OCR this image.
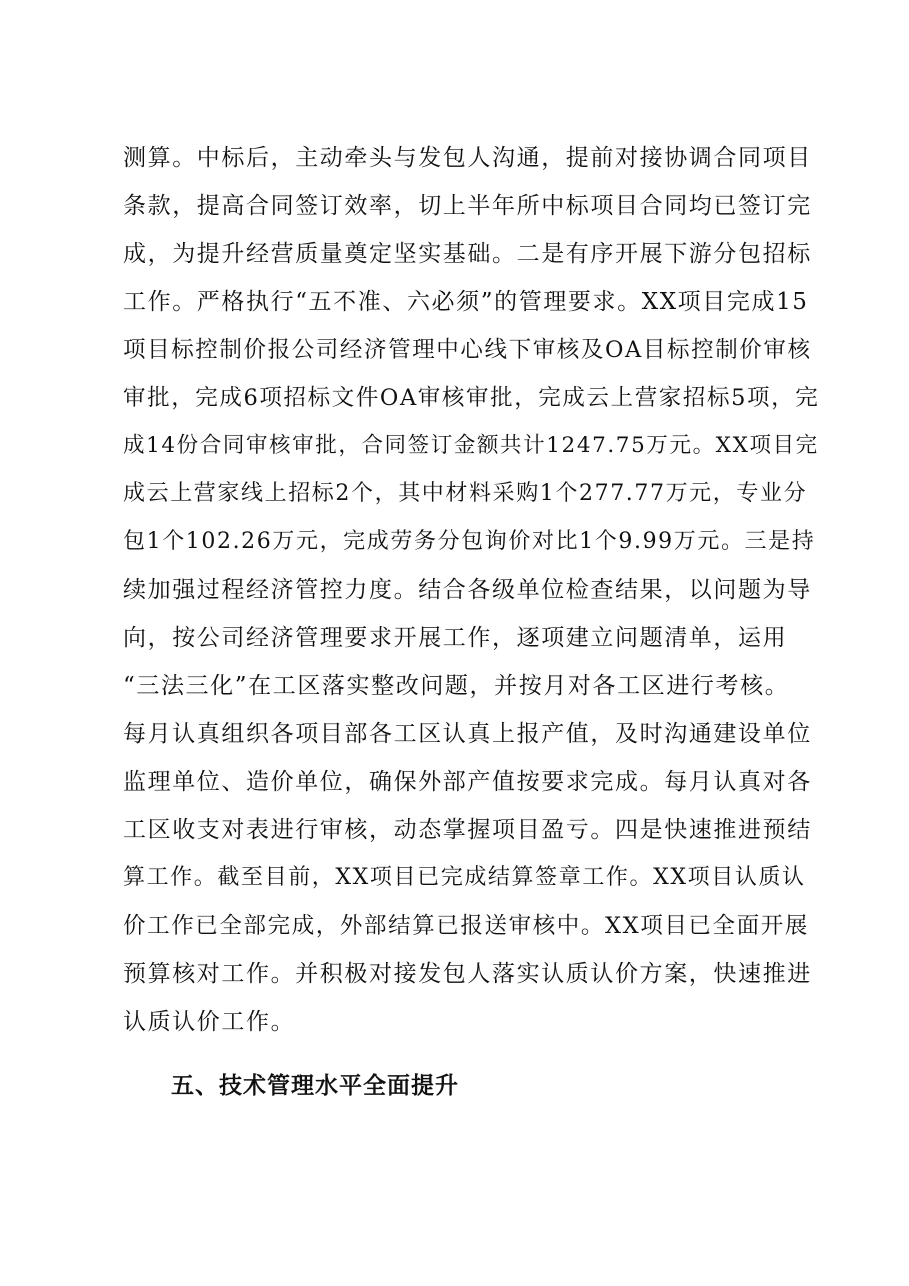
测算。中标后，主动牵头与发包人沟通，提前对接协调合同项目
条款，提高合同签订效率，切上半年所中标项目合同均已签订完
成，为提升经营质量奠定坚实基础。二是有序开展下游分包招标
工作。严格执行“五不准、六必须”的管理要求。XX项目完成15
项目标控制价报公司经济管理中心线下审核及OA目标控制价审核
审批，完成6项招标文件OA审核审批，完成云上营家招标5项，完
成14份合同审核审批，合同签订金额共计1247.75万元。XX项目完
成云上营家线上招标2个，其中材料采购1个277.77万元，专业分
包1个102.26万元，完成劳务分包询价对比1个9.99万元。三是持
续加强过程经济管控力度。结合各级单位检查结果，以问题为导
向，按公司经济管理要求开展工作，逐项建立问题清单，运用
“三法三化”在工区落实整改问题，并按月对各工区进行考核。
每月认真组织各项目部各工区认真上报产值，及时沟通建设单位
监理单位、造价单位，确保外部产值按要求完成。每月认真对各
工区收支对表进行审核，动态掌握项目盈亏。四是快速推进预结
算工作。截至目前，XX项目已完成结算签章工作。XX项目认质认
价工作已全部完成，外部结算已报送审核中。XX项目已全面开展
预算核对工作。并积极对接发包人落实认质认价方案，快速推进
认质认价工作。
五、技术管理水平全面提升
